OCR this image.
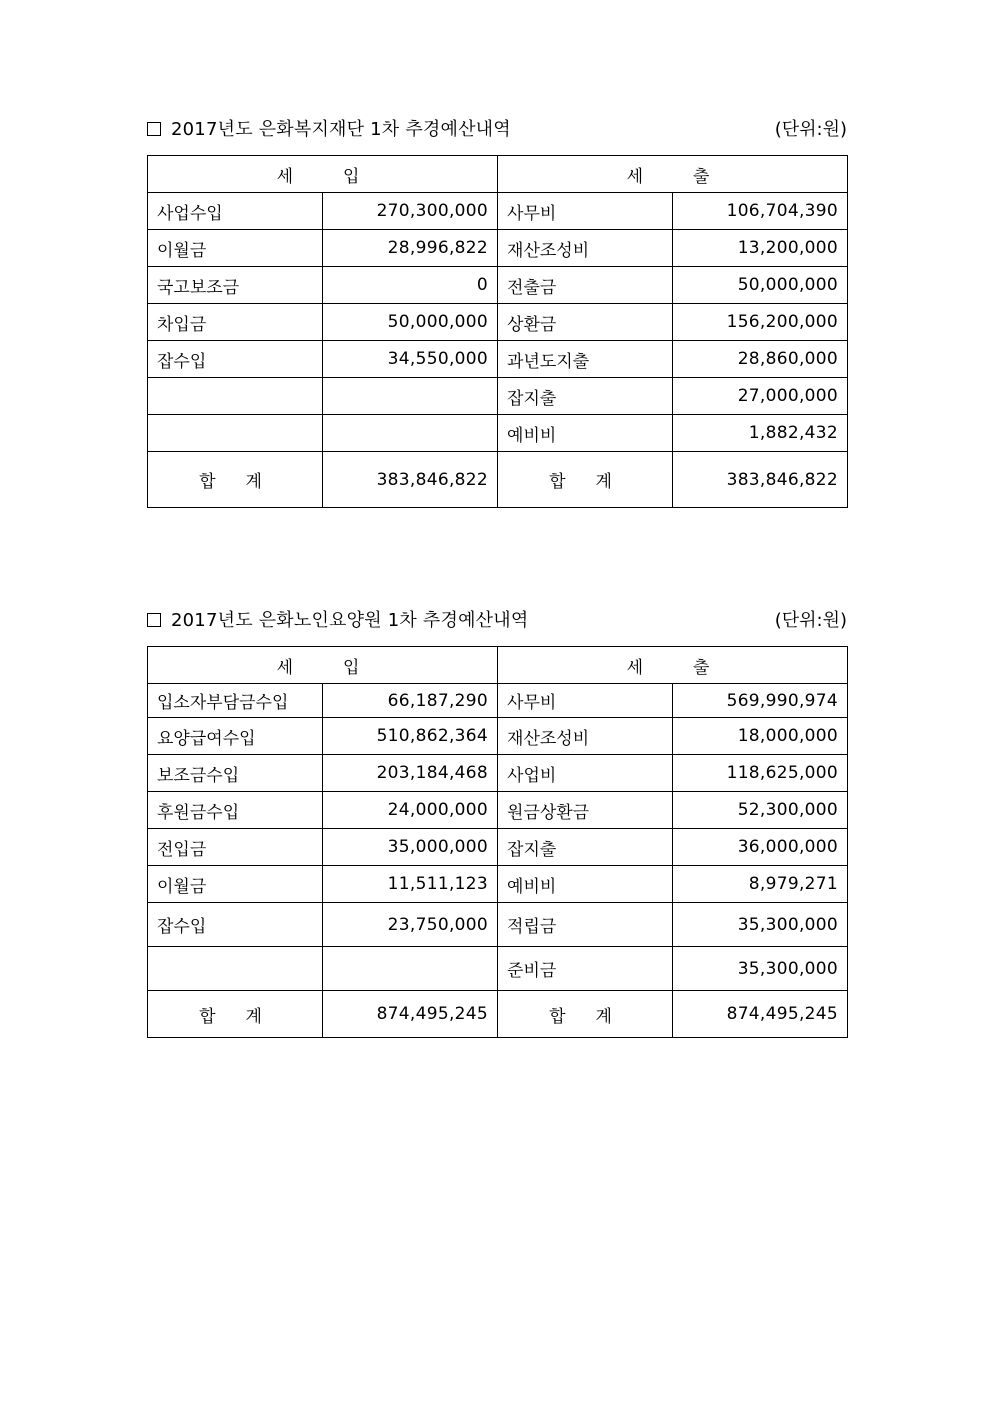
2017년도 은화복지재단 1차 추경예산내역	(단위:원)
세입		세출	
사업수입	270,300,000	사무비	106,704,390
이월금	28,996,822	재산조성비	13,200,000
국고보조금	0	전출금	50,000,000
차입금	50,000,000	상환금	156,200,000
잡수입	34,550,000	과년도지출	28,860,000
		잡지출	27,000,000
		예비비	1,882,432
합계	383,846,822	합계	383,846,822
2017년도 은화노인요양원 1차 추경예산내역	(단위:원)
세입		세출	
입소자부담금수입	66,187,290	사무비	569,990,974
요양급여수입	510,862,364	재산조성비	18,000,000
보조금수입	203,184,468	사업비	118,625,000
후원금수입	24,000,000	원금상환금	52,300,000
전입금	35,000,000	잡지출	36,000,000
이월금	11,511,123	예비비	8,979,271
잡수입	23,750,000	적립금	35,300,000
		준비금	35,300,000
합계	874,495,245	합계	874,495,245
